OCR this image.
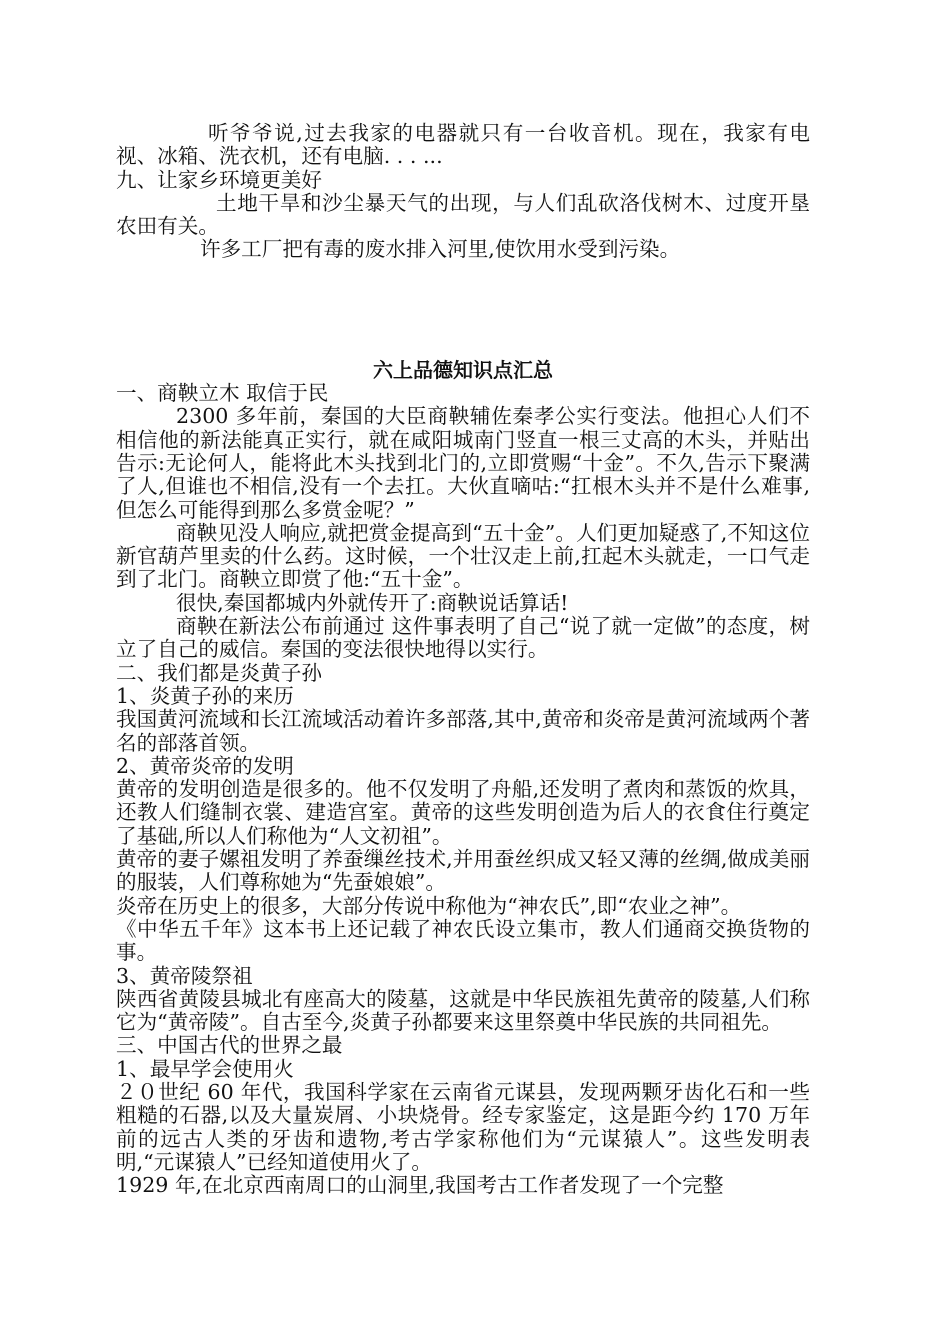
听爷爷说,过去我家的电器就只有一台收音机。现在，我家有电视、冰箱、洗衣机，还有电脑. . . ...

九、让家乡环境更美好

土地干旱和沙尘暴天气的出现，与人们乱砍洛伐树木、过度开垦农田有关。

许多工厂把有毒的废水排入河里,使饮用水受到污染。

六上品德知识点汇总

一、商鞅立木 取信于民

2300 多年前，秦国的大臣商鞅辅佐秦孝公实行变法。他担心人们不相信他的新法能真正实行，就在咸阳城南门竖直一根三丈高的木头，并贴出告示:无论何人，能将此木头找到北门的,立即赏赐“十金”。不久,告示下聚满了人,但谁也不相信,没有一个去扛。大伙直嘀咕:“扛根木头并不是什么难事,但怎么可能得到那么多赏金呢？”

商鞅见没人响应,就把赏金提高到“五十金”。人们更加疑惑了,不知这位新官葫芦里卖的什么药。这时候，一个壮汉走上前,扛起木头就走，一口气走到了北门。商鞅立即赏了他:“五十金”。

很快,秦国都城内外就传开了:商鞅说话算话!

商鞅在新法公布前通过 这件事表明了自己“说了就一定做”的态度，树立了自己的威信。秦国的变法很快地得以实行。

二、我们都是炎黄子孙

1、炎黄子孙的来历

我国黄河流域和长江流域活动着许多部落,其中,黄帝和炎帝是黄河流域两个著名的部落首领。

2、黄帝炎帝的发明

黄帝的发明创造是很多的。他不仅发明了舟船,还发明了煮肉和蒸饭的炊具，还教人们缝制衣裳、建造宫室。黄帝的这些发明创造为后人的衣食住行奠定了基础,所以人们称他为“人文初祖”。

黄帝的妻子嫘祖发明了养蚕缫丝技术,并用蚕丝织成又轻又薄的丝绸,做成美丽的服装，人们尊称她为“先蚕娘娘”。

炎帝在历史上的很多，大部分传说中称他为“神农氏”,即“农业之神”。

《中华五千年》这本书上还记载了神农氏设立集市，教人们通商交换货物的事。

3、黄帝陵祭祖

陕西省黄陵县城北有座高大的陵墓，这就是中华民族祖先黄帝的陵墓,人们称它为“黄帝陵”。自古至今,炎黄子孙都要来这里祭奠中华民族的共同祖先。

三、中国古代的世界之最

1、最早学会使用火

２０世纪 60 年代，我国科学家在云南省元谋县，发现两颗牙齿化石和一些粗糙的石器,以及大量炭屑、小块烧骨。经专家鉴定，这是距今约 170 万年前的远古人类的牙齿和遗物,考古学家称他们为“元谋猿人”。这些发明表明,“元谋猿人”已经知道使用火了。

1929 年,在北京西南周口的山洞里,我国考古工作者发现了一个完整
